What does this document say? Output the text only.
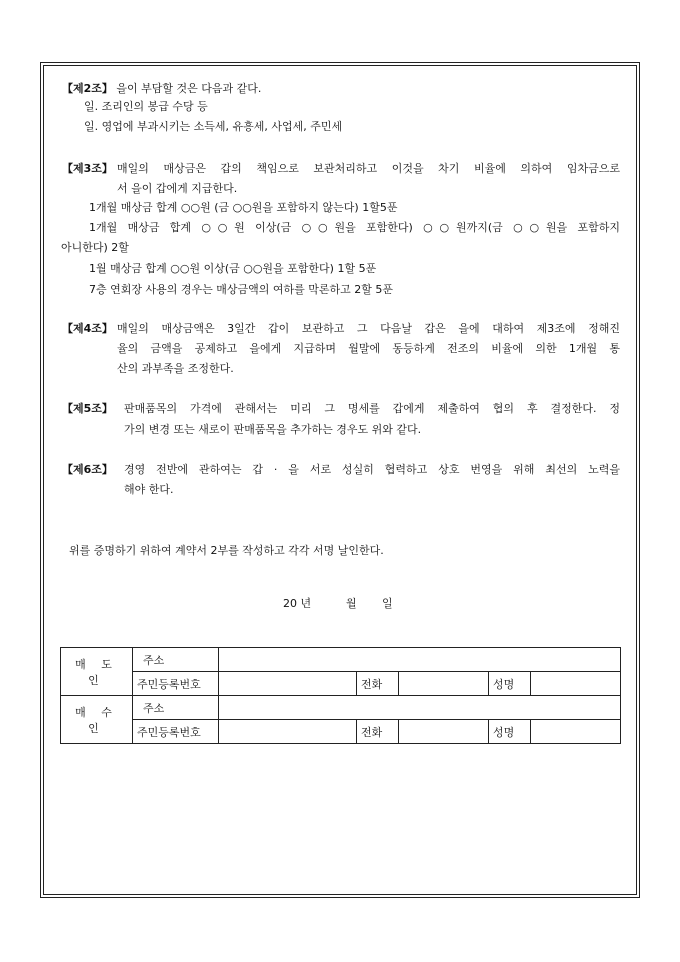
【제2조】 을이 부담할 것은 다음과 같다.
일. 조리인의 봉급 수당 등
일. 영업에 부과시키는 소득세, 유흥세, 사업세, 주민세
【제3조】 매일의 매상금은 갑의 책임으로 보관처리하고 이것을 차기 비율에 의하여 임차금으로
서 을이 갑에게 지급한다.
1개월 매상금 합계 ○○원 (금 ○○원을 포함하지 않는다) 1할5푼
1개월 매상금 합계 ○○원 이상(금 ○○원을 포함한다) ○○원까지(금 ○○원을 포함하지
아니한다) 2할
1월 매상금 합계 ○○원 이상(금 ○○원을 포함한다) 1할 5푼
7층 연회장 사용의 경우는 매상금액의 여하를 막론하고 2할 5푼
【제4조】 매일의 매상금액은 3일간 갑이 보관하고 그 다음날 갑은 을에 대하여 제3조에 정해진
율의 금액을 공제하고 을에게 지급하며 월말에 동등하게 전조의 비율에 의한 1개월 통
산의 과부족을 조정한다.
【제5조】 판매품목의 가격에 관해서는 미리 그 명세를 갑에게 제출하여 협의 후 결정한다. 정
가의 변경 또는 새로이 판매품목을 추가하는 경우도 위와 같다.
【제6조】 경영 전반에 관하여는 갑 · 을 서로 성실히 협력하고 상호 번영을 위해 최선의 노력을
해야 한다.
위를 증명하기 위하여 계약서 2부를 작성하고 각각 서명 날인한다.
20 년	월 일
매 도 인	주소					
	주민등록번호		전화		성명	
매 수 인	주소					
	주민등록번호		전화		성명	
